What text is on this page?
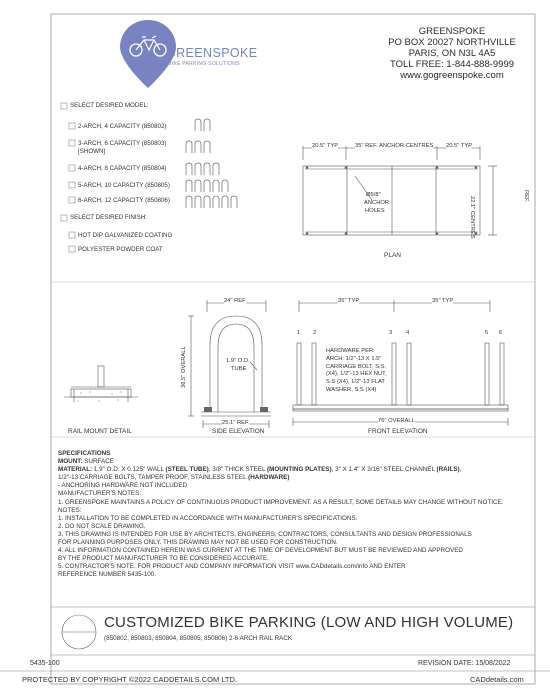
GREENSPOKE
BIKE PARKING SOLUTIONS
GREENSPOKE
PO BOX 20027 NORTHVILLE
PARIS, ON N3L 4A5
TOLL FREE: 1-844-888-9999
www.gogreenspoke.com
SELECT DESIRED MODEL:
2-ARCH, 4 CAPACITY (850802)
3-ARCH, 6 CAPACITY (850803)
[SHOWN]
4-ARCH, 8 CAPACITY (850804)
5-ARCH, 10 CAPACITY (850805)
6-ARCH, 12 CAPACITY (850806)
SELECT DESIRED FINISH:
HOT DIP GALVANIZED COATING
POLYESTER POWDER COAT
20.5" TYP	35" REF. ANCHOR CENTRES 20.5" TYP
22.1" CENTRES	REF.
Ø5/8"
ANCHOR
HOLES
PLAN
24" REF
36.5" OVERALL	1.9" O.D.
TUBE
25.1" REF
SIDE ELEVATION
35" TYP	35" TYP
1 2	3 4	5 6
HARDWARE PER
ARCH: 1/2"-13 X 1.5"
CARRIAGE BOLT, S.S.
(X4), 1/2"-13 HEX NUT,
S.S (X4), 1/2"-13 FLAT
WASHER, S.S (X4)
76" OVERALL
FRONT ELEVATION
RAIL MOUNT DETAIL
SPECIFICATIONS
MOUNT: SURFACE
MATERIAL: 1.9" O.D. X 0.125" WALL (STEEL TUBE), 3/8" THICK STEEL (MOUNTING PLATES), 3" X 1.4" X 3/16" STEEL CHANNEL (RAILS),
1/2"-13 CARRIAGE BOLTS, TAMPER PROOF, STAINLESS STEEL (HARDWARE)
- ANCHORING HARDWARE NOT INCLUDED
MANUFACTURER'S NOTES:
1. GREENSPOKE MAINTAINS A POLICY OF CONTINUOUS PRODUCT IMPROVEMENT. AS A RESULT, SOME DETAILS MAY CHANGE WITHOUT NOTICE.
NOTES:
1. INSTALLATION TO BE COMPLETED IN ACCORDANCE WITH MANUFACTURER'S SPECIFICATIONS.
2. DO NOT SCALE DRAWING.
3. THIS DRAWING IS INTENDED FOR USE BY ARCHITECTS, ENGINEERS, CONTRACTORS, CONSULTANTS AND DESIGN PROFESSIONALS
FOR PLANNING PURPOSES ONLY. THIS DRAWING MAY NOT BE USED FOR CONSTRUCTION.
4. ALL INFORMATION CONTAINED HEREIN WAS CURRENT AT THE TIME OF DEVELOPMENT BUT MUST BE REVIEWED AND APPROVED
BY THE PRODUCT MANUFACTURER TO BE CONSIDERED ACCURATE.
5. CONTRACTOR'S NOTE: FOR PRODUCT AND COMPANY INFORMATION VISIT www.CADdetails.com/info AND ENTER
REFERENCE NUMBER 5435-100.
CUSTOMIZED BIKE PARKING (LOW AND HIGH VOLUME)
(850802, 850803, 850804, 850805, 850806) 2-6 ARCH RAIL RACK
5435-100	REVISION DATE: 15/08/2022
PROTECTED BY COPYRIGHT ©2022 CADDETAILS.COM LTD.	CADdetails.com
